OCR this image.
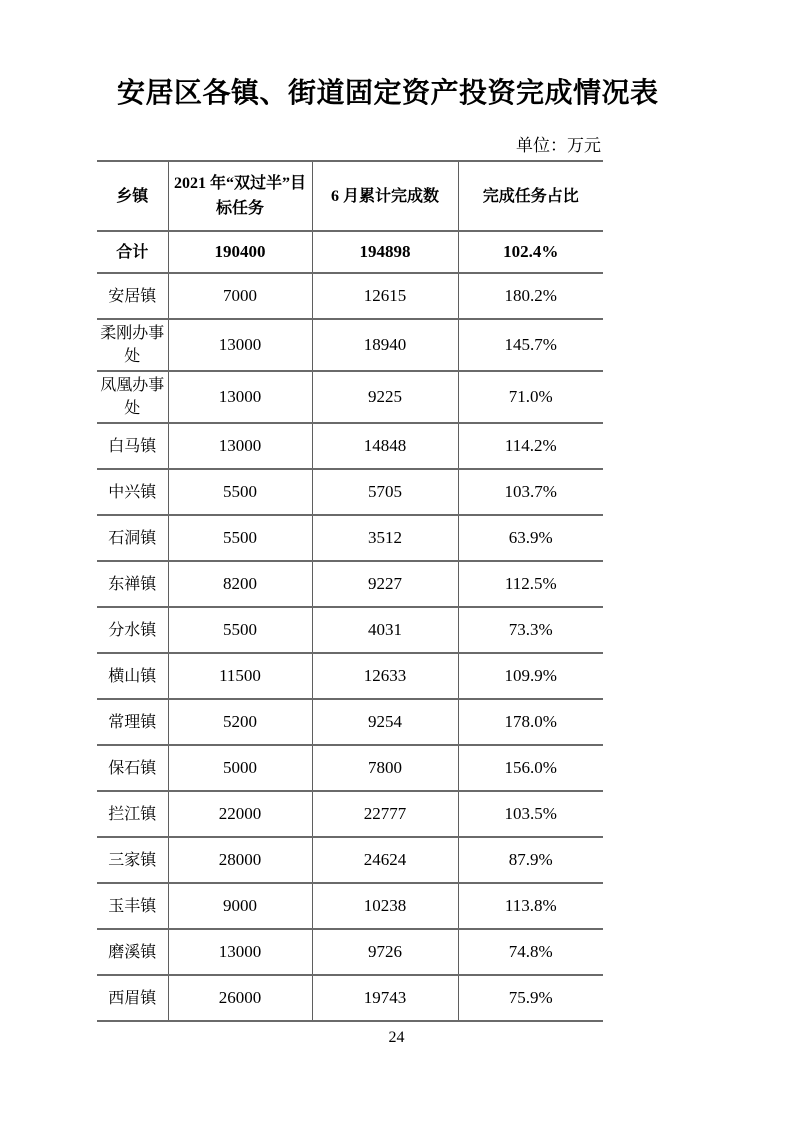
安居区各镇、街道固定资产投资完成情况表
单位：万元
乡镇	2021 年“双过半”目标任务	6 月累计完成数	完成任务占比
合计	190400	194898	102.4%
安居镇	7000	12615	180.2%
柔刚办事处	13000	18940	145.7%
凤凰办事处	13000	9225	71.0%
白马镇	13000	14848	114.2%
中兴镇	5500	5705	103.7%
石洞镇	5500	3512	63.9%
东禅镇	8200	9227	112.5%
分水镇	5500	4031	73.3%
横山镇	11500	12633	109.9%
常理镇	5200	9254	178.0%
保石镇	5000	7800	156.0%
拦江镇	22000	22777	103.5%
三家镇	28000	24624	87.9%
玉丰镇	9000	10238	113.8%
磨溪镇	13000	9726	74.8%
西眉镇	26000	19743	75.9%
24
